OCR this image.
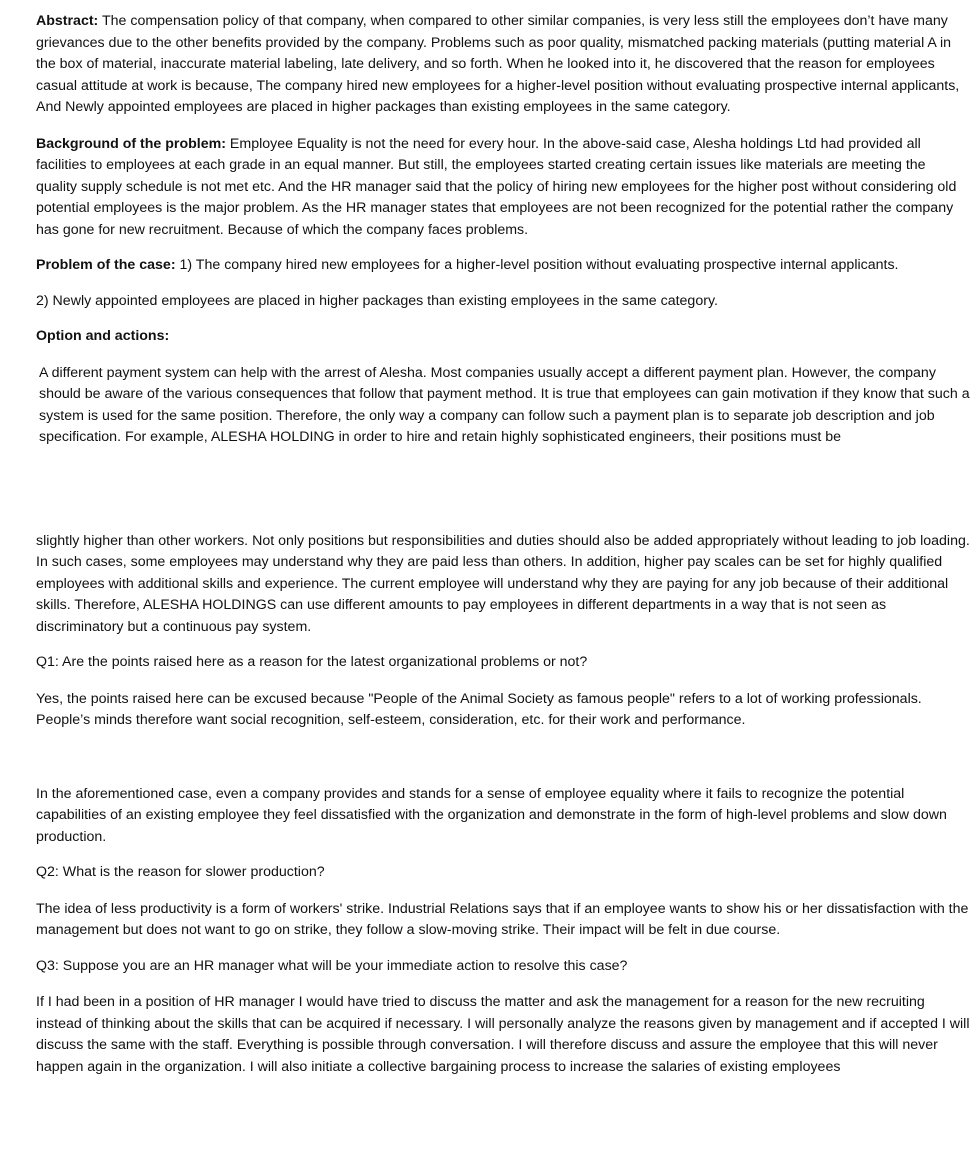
Abstract: The compensation policy of that company, when compared to other similar companies, is very less still the employees don’t have many grievances due to the other benefits provided by the company. Problems such as poor quality, mismatched packing materials (putting material A in the box of material, inaccurate material labeling, late delivery, and so forth. When he looked into it, he discovered that the reason for employees casual attitude at work is because, The company hired new employees for a higher-level position without evaluating prospective internal applicants, And Newly appointed employees are placed in higher packages than existing employees in the same category.

Background of the problem: Employee Equality is not the need for every hour. In the above-said case, Alesha holdings Ltd had provided all facilities to employees at each grade in an equal manner. But still, the employees started creating certain issues like materials are meeting the quality supply schedule is not met etc. And the HR manager said that the policy of hiring new employees for the higher post without considering old potential employees is the major problem. As the HR manager states that employees are not been recognized for the potential rather the company has gone for new recruitment. Because of which the company faces problems.

Problem of the case: 1) The company hired new employees for a higher-level position without evaluating prospective internal applicants.

2) Newly appointed employees are placed in higher packages than existing employees in the same category.

Option and actions:

A different payment system can help with the arrest of Alesha. Most companies usually accept a different payment plan. However, the company should be aware of the various consequences that follow that payment method. It is true that employees can gain motivation if they know that such a system is used for the same position. Therefore, the only way a company can follow such a payment plan is to separate job description and job specification. For example, ALESHA HOLDING in order to hire and retain highly sophisticated engineers, their positions must be

slightly higher than other workers. Not only positions but responsibilities and duties should also be added appropriately without leading to job loading. In such cases, some employees may understand why they are paid less than others. In addition, higher pay scales can be set for highly qualified employees with additional skills and experience. The current employee will understand why they are paying for any job because of their additional skills. Therefore, ALESHA HOLDINGS can use different amounts to pay employees in different departments in a way that is not seen as discriminatory but a continuous pay system.

Q1: Are the points raised here as a reason for the latest organizational problems or not?

Yes, the points raised here can be excused because "People of the Animal Society as famous people" refers to a lot of working professionals. People’s minds therefore want social recognition, self-esteem, consideration, etc. for their work and performance.

In the aforementioned case, even a company provides and stands for a sense of employee equality where it fails to recognize the potential capabilities of an existing employee they feel dissatisfied with the organization and demonstrate in the form of high-level problems and slow down production.

Q2: What is the reason for slower production?

The idea of less productivity is a form of workers' strike. Industrial Relations says that if an employee wants to show his or her dissatisfaction with the management but does not want to go on strike, they follow a slow-moving strike. Their impact will be felt in due course.

Q3: Suppose you are an HR manager what will be your immediate action to resolve this case?

If I had been in a position of HR manager I would have tried to discuss the matter and ask the management for a reason for the new recruiting instead of thinking about the skills that can be acquired if necessary. I will personally analyze the reasons given by management and if accepted I will discuss the same with the staff. Everything is possible through conversation. I will therefore discuss and assure the employee that this will never happen again in the organization. I will also initiate a collective bargaining process to increase the salaries of existing employees
